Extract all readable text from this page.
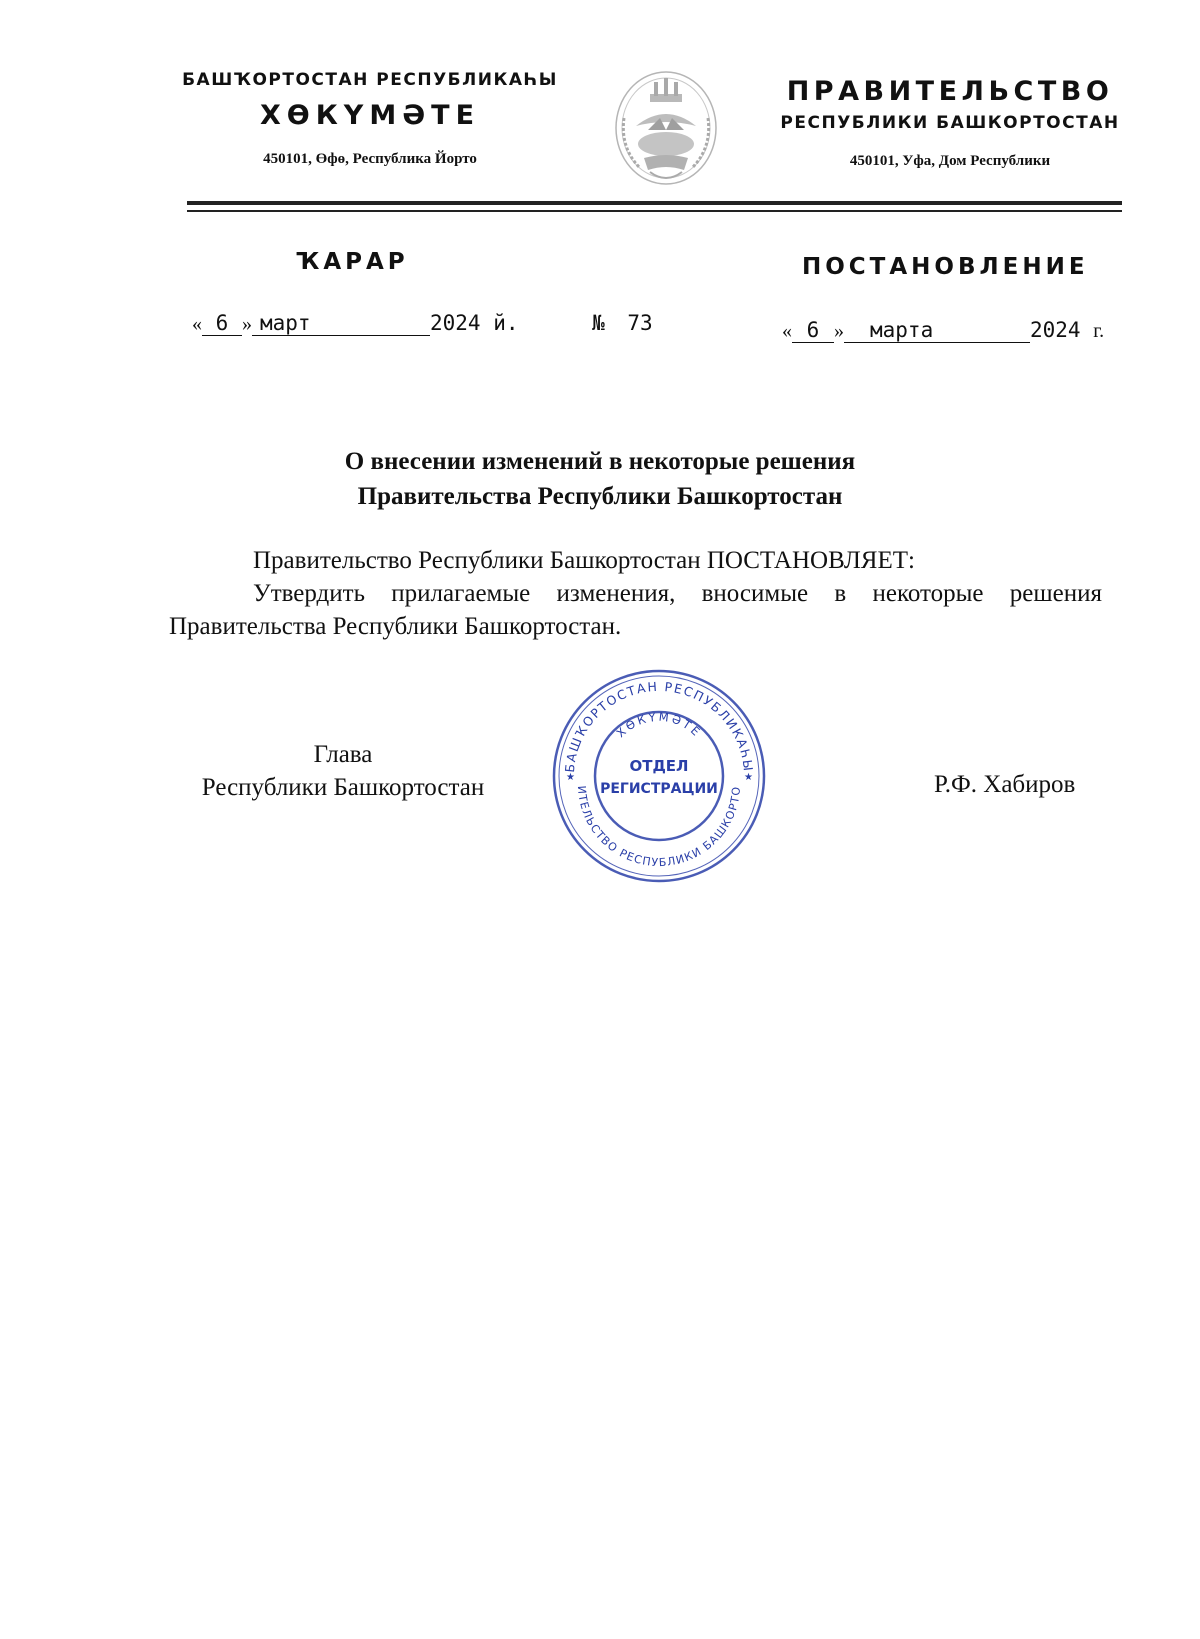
БАШҠОРТОСТАН РЕСПУБЛИКАҺЫ
ХӨКҮМӘТЕ
450101, Өфө, Республика Йорто
ПРАВИТЕЛЬСТВО
РЕСПУБЛИКИ БАШКОРТОСТАН
450101, Уфа, Дом Республики
ҠАРАР	ПОСТАНОВЛЕНИЕ
« 6 » март	2024 й.	№ 73	« 6 » марта	2024 г.
О внесении изменений в некоторые решения
Правительства Республики Башкортостан
Правительство Республики Башкортостан ПОСТАНОВЛЯЕТ:
Утвердить прилагаемые изменения, вносимые в некоторые решения Правительства Республики Башкортостан.
Глава
Республики Башкортостан
БАШҠОРТОСТАН РЕСПУБЛИКАҺЫ
ХӨКҮМӘТЕ
ИТЕЛЬСТВО РЕСПУБЛИКИ БАШКОРТО
★	★
ОТДЕЛ
РЕГИСТРАЦИИ	Р.Ф. Хабиров
